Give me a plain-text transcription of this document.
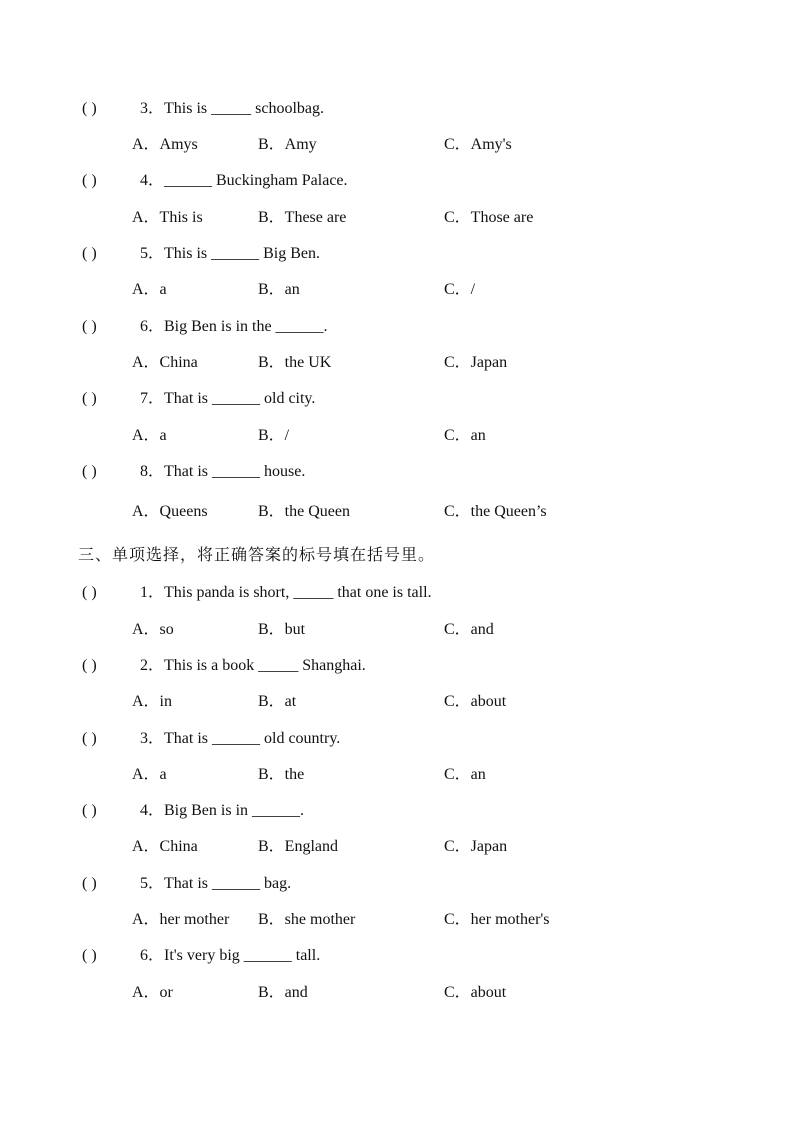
( )	3．This is _____ schoolbag.
A．Amys	B．Amy	C．Amy's
( )	4．______ Buckingham Palace.
A．This is	B．These are	C．Those are
( )	5．This is ______ Big Ben.
A．a	B．an	C．/
( )	6．Big Ben is in the ______.
A．China	B．the UK	C．Japan
( )	7．That is ______ old city.
A．a	B．/	C．an
( )	8．That is ______ house.
A．Queens	B．the Queen	C．the Queen’s
三、单项选择，将正确答案的标号填在括号里。
( )	1．This panda is short, _____ that one is tall.
A．so	B．but	C．and
( )	2．This is a book _____ Shanghai.
A．in	B．at	C．about
( )	3．That is ______ old country.
A．a	B．the	C．an
( )	4．Big Ben is in ______.
A．China	B．England	C．Japan
( )	5．That is ______ bag.
A．her mother B．she mother	C．her mother's
( )	6．It's very big ______ tall.
A．or	B．and	C．about
